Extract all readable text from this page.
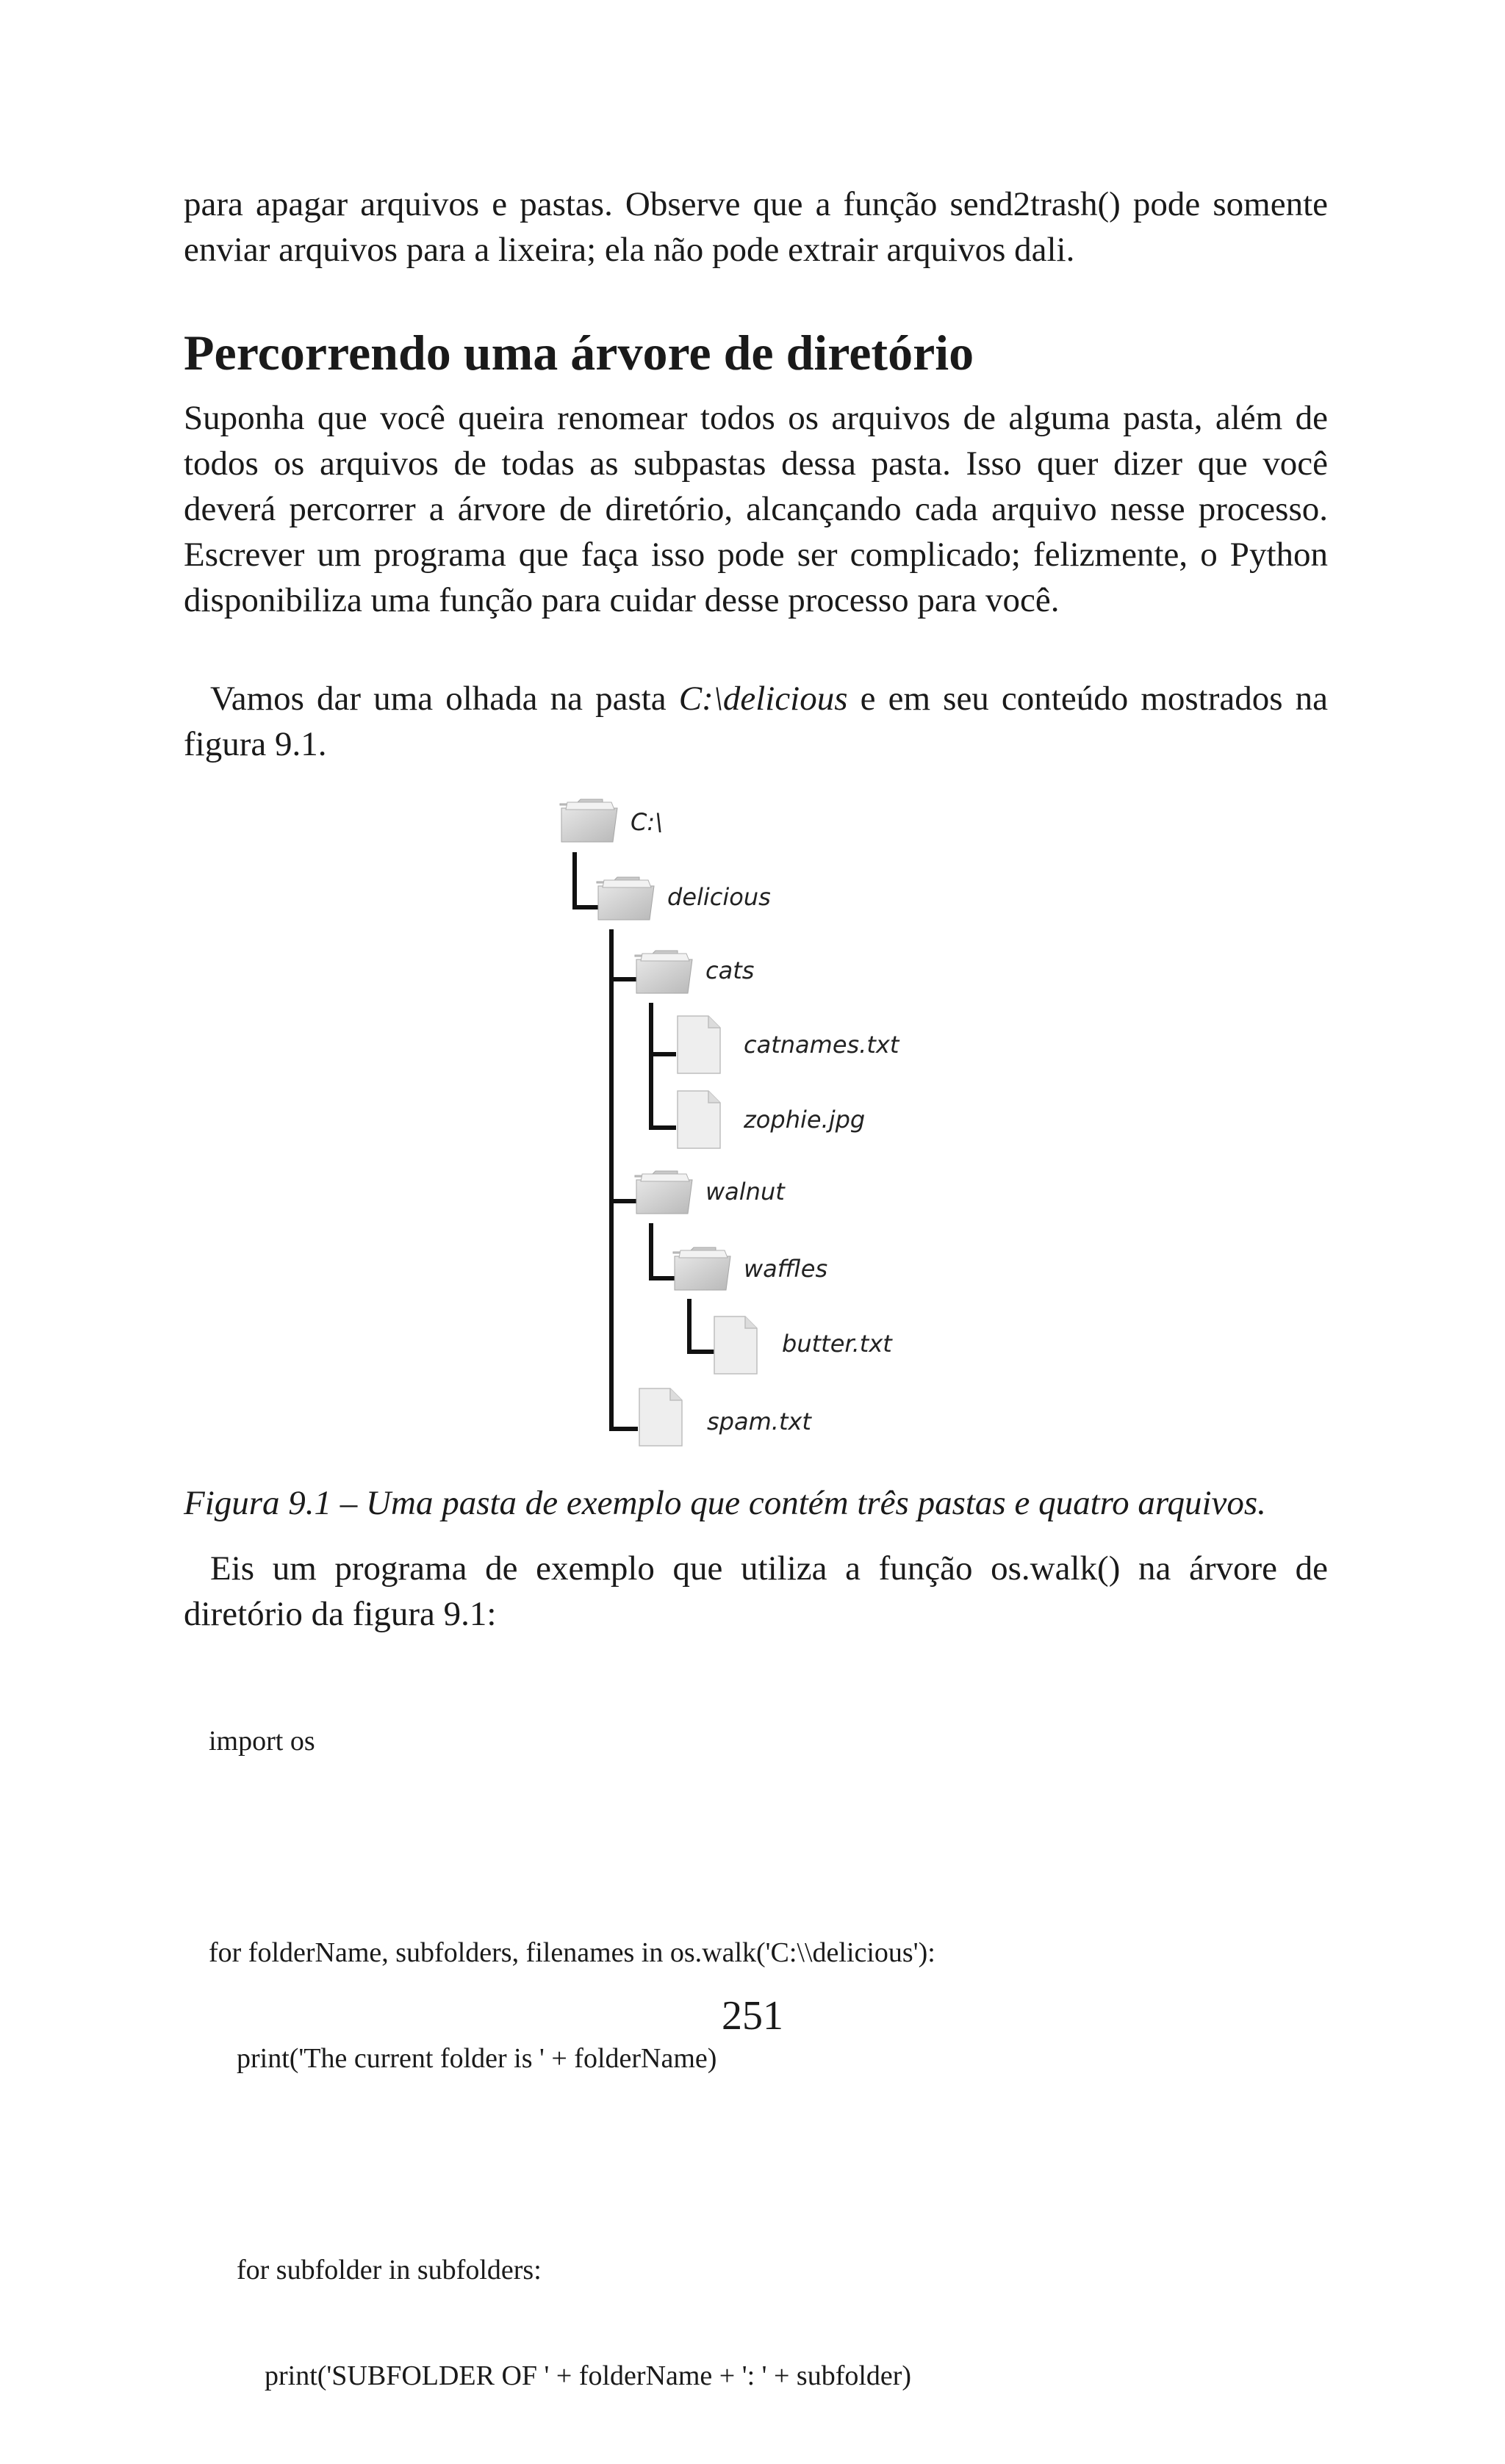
para apagar arquivos e pastas. Observe que a função send2trash() pode somente enviar arquivos para a lixeira; ela não pode extrair arquivos dali.

Percorrendo uma árvore de diretório

Suponha que você queira renomear todos os arquivos de alguma pasta, além de todos os arquivos de todas as subpastas dessa pasta. Isso quer dizer que você deverá percorrer a árvore de diretório, alcançando cada arquivo nesse processo. Escrever um programa que faça isso pode ser complicado; felizmente, o Python disponibiliza uma função para cuidar desse processo para você.

Vamos dar uma olhada na pasta C:\delicious e em seu conteúdo mostrados na figura 9.1.

C:\
delicious
cats
catnames.txt
zophie.jpg
walnut
waffles
butter.txt
spam.txt

Figura 9.1 – Uma pasta de exemplo que contém três pastas e quatro arquivos.

Eis um programa de exemplo que utiliza a função os.walk() na árvore de diretório da figura 9.1:

import os

for folderName, subfolders, filenames in os.walk('C:\\delicious'):

print('The current folder is ' + folderName)

for subfolder in subfolders:

print('SUBFOLDER OF ' + folderName + ': ' + subfolder)

251
